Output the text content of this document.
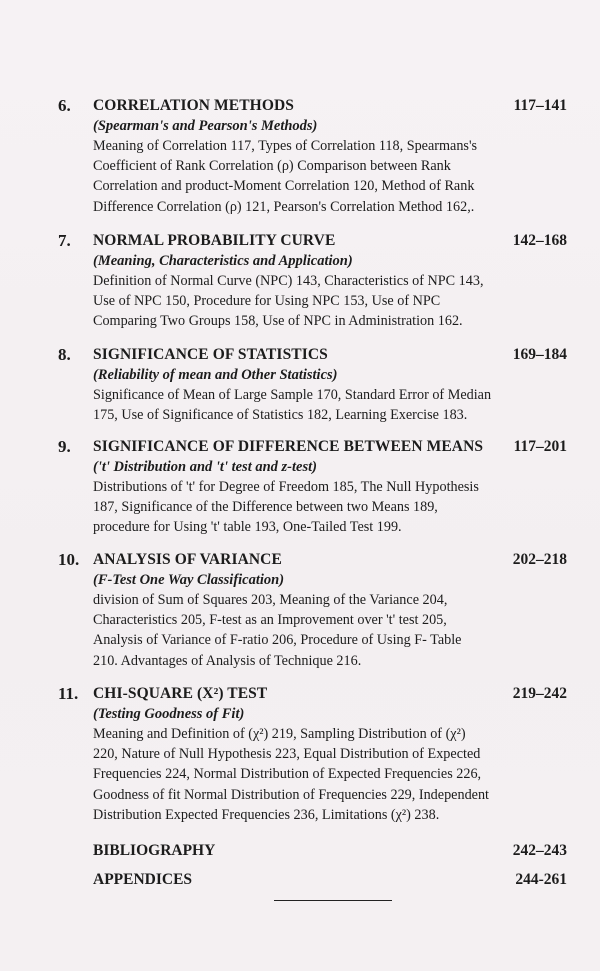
6. CORRELATION METHODS	117–141
(Spearman's and Pearson's Methods)
Meaning of Correlation 117, Types of Correlation 118, Spearmans's
Coefficient of Rank Correlation (ρ) Comparison between Rank
Correlation and product-Moment Correlation 120, Method of Rank
Difference Correlation (ρ) 121, Pearson's Correlation Method 162,.
7. NORMAL PROBABILITY CURVE	142–168
(Meaning, Characteristics and Application)
Definition of Normal Curve (NPC) 143, Characteristics of NPC 143,
Use of NPC 150, Procedure for Using NPC 153, Use of NPC
Comparing Two Groups 158, Use of NPC in Administration 162.
8. SIGNIFICANCE OF STATISTICS	169–184
(Reliability of mean and Other Statistics)
Significance of Mean of Large Sample 170, Standard Error of Median
175, Use of Significance of Statistics 182, Learning Exercise 183.
9. SIGNIFICANCE OF DIFFERENCE BETWEEN MEANS 117–201
('t' Distribution and 't' test and z-test)
Distributions of 't' for Degree of Freedom 185, The Null Hypothesis
187, Significance of the Difference between two Means 189,
procedure for Using 't' table 193, One-Tailed Test 199.
10. ANALYSIS OF VARIANCE	202–218
(F-Test One Way Classification)
division of Sum of Squares 203, Meaning of the Variance 204,
Characteristics 205, F-test as an Improvement over 't' test 205,
Analysis of Variance of F-ratio 206, Procedure of Using F- Table
210. Advantages of Analysis of Technique 216.
11. CHI-SQUARE (Χ²) TEST	219–242
(Testing Goodness of Fit)
Meaning and Definition of (χ²) 219, Sampling Distribution of (χ²)
220, Nature of Null Hypothesis 223, Equal Distribution of Expected
Frequencies 224, Normal Distribution of Expected Frequencies 226,
Goodness of fit Normal Distribution of Frequencies 229, Independent
Distribution Expected Frequencies 236, Limitations (χ²) 238.
BIBLIOGRAPHY	242–243
APPENDICES	244-261
